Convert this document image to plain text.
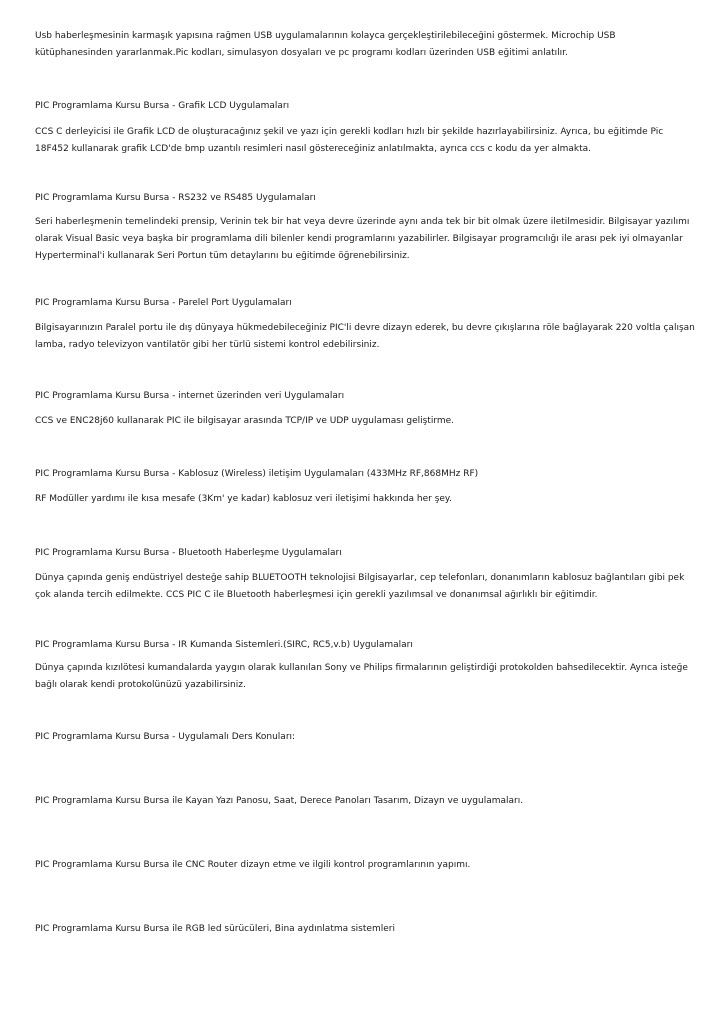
Usb haberleşmesinin karmaşık yapısına rağmen USB uygulamalarının kolayca gerçekleştirilebileceğini göstermek. Microchip USB kütüphanesinden yararlanmak.Pic kodları, simulasyon dosyaları ve pc programı kodları üzerinden USB eğitimi anlatılır.
PIC Programlama Kursu Bursa - Grafik LCD Uygulamaları
CCS C derleyicisi ile Grafik LCD de oluşturacağınız şekil ve yazı için gerekli kodları hızlı bir şekilde hazırlayabilirsiniz. Ayrıca, bu eğitimde Pic 18F452 kullanarak grafik LCD'de bmp uzantılı resimleri nasıl göstereceğiniz anlatılmakta, ayrıca ccs c kodu da yer almakta.
PIC Programlama Kursu Bursa - RS232 ve RS485 Uygulamaları
Seri haberleşmenin temelindeki prensip, Verinin tek bir hat veya devre üzerinde aynı anda tek bir bit olmak üzere iletilmesidir. Bilgisayar yazılımı olarak Visual Basic veya başka bir programlama dili bilenler kendi programlarını yazabilirler. Bilgisayar programcılığı ile arası pek iyi olmayanlar Hyperterminal'i kullanarak Seri Portun tüm detaylarını bu eğitimde öğrenebilirsiniz.
PIC Programlama Kursu Bursa - Parelel Port Uygulamaları
Bilgisayarınızın Paralel portu ile dış dünyaya hükmedebileceğiniz PIC'li devre dizayn ederek, bu devre çıkışlarına röle bağlayarak 220 voltla çalışan lamba, radyo televizyon vantilatör gibi her türlü sistemi kontrol edebilirsiniz.
PIC Programlama Kursu Bursa - internet üzerinden veri Uygulamaları
CCS ve ENC28j60 kullanarak PIC ile bilgisayar arasında TCP/IP ve UDP uygulaması geliştirme.
PIC Programlama Kursu Bursa - Kablosuz (Wireless) iletişim Uygulamaları (433MHz RF,868MHz RF)
RF Modüller yardımı ile kısa mesafe (3Km' ye kadar) kablosuz veri iletişimi hakkında her şey.
PIC Programlama Kursu Bursa - Bluetooth Haberleşme Uygulamaları
Dünya çapında geniş endüstriyel desteğe sahip BLUETOOTH teknolojisi Bilgisayarlar, cep telefonları, donanımların kablosuz bağlantıları gibi pek çok alanda tercih edilmekte. CCS PIC C ile Bluetooth haberleşmesi için gerekli yazılımsal ve donanımsal ağırlıklı bir eğitimdir.
PIC Programlama Kursu Bursa - IR Kumanda Sistemleri.(SIRC, RC5,v.b) Uygulamaları
Dünya çapında kızılötesi kumandalarda yaygın olarak kullanılan Sony ve Philips firmalarının geliştirdiği protokolden bahsedilecektir. Ayrıca isteğe bağlı olarak kendi protokolünüzü yazabilirsiniz.
PIC Programlama Kursu Bursa - Uygulamalı Ders Konuları:
PIC Programlama Kursu Bursa ile Kayan Yazı Panosu, Saat, Derece Panoları Tasarım, Dizayn ve uygulamaları.
PIC Programlama Kursu Bursa ile CNC Router dizayn etme ve ilgili kontrol programlarının yapımı.
PIC Programlama Kursu Bursa ile RGB led sürücüleri, Bina aydınlatma sistemleri
